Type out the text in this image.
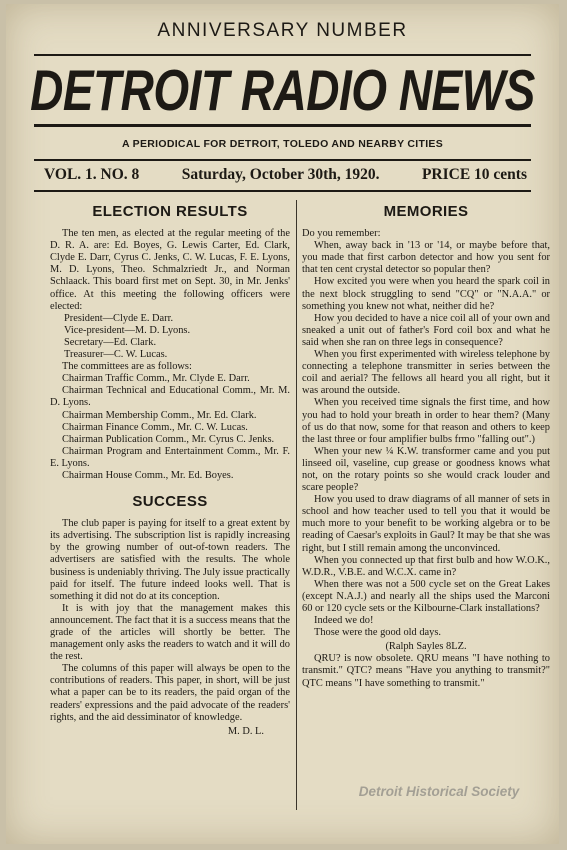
ANNIVERSARY NUMBER
DETROIT RADIO NEWS
A PERIODICAL FOR DETROIT, TOLEDO AND NEARBY CITIES
VOL. 1. NO. 8	Saturday, October 30th, 1920.	PRICE 10 cents
ELECTION RESULTS

The ten men, as elected at the regular meeting of the D. R. A. are: Ed. Boyes, G. Lewis Carter, Ed. Clark, Clyde E. Darr, Cyrus C. Jenks, C. W. Lucas, F. E. Lyons, M. D. Lyons, Theo. Schmalzriedt Jr., and Norman Schlaack. This board first met on Sept. 30, in Mr. Jenks' office. At this meeting the following officers were elected:

President—Clyde E. Darr.

Vice-president—M. D. Lyons.

Secretary—Ed. Clark.

Treasurer—C. W. Lucas.

The committees are as follows:

Chairman Traffic Comm., Mr. Clyde E. Darr.

Chairman Technical and Educational Comm., Mr. M. D. Lyons.

Chairman Membership Comm., Mr. Ed. Clark.

Chairman Finance Comm., Mr. C. W. Lucas.

Chairman Publication Comm., Mr. Cyrus C. Jenks.

Chairman Program and Entertainment Comm., Mr. F. E. Lyons.

Chairman House Comm., Mr. Ed. Boyes.

SUCCESS

The club paper is paying for itself to a great extent by its advertising. The subscription list is rapidly increasing by the growing number of out-of-town readers. The advertisers are satisfied with the results. The whole business is undeniably thriving. The July issue practically paid for itself. The future indeed looks well. That is something it did not do at its conception.

It is with joy that the management makes this announcement. The fact that it is a success means that the grade of the articles will shortly be better. The management only asks the readers to watch and it will do the rest.

The columns of this paper will always be open to the contributions of readers. This paper, in short, will be just what a paper can be to its readers, the paid organ of the readers' expressions and the paid advocate of the readers' rights, and the aid dessiminator of knowledge.

M. D. L.

MEMORIES

Do you remember:

When, away back in '13 or '14, or maybe before that, you made that first carbon detector and how you sent for that ten cent crystal detector so popular then?

How excited you were when you heard the spark coil in the next block struggling to send "CQ" or "N.A.A." or something you knew not what, neither did he?

How you decided to have a nice coil all of your own and sneaked a unit out of father's Ford coil box and what he said when she ran on three legs in consequence?

When you first experimented with wireless telephone by connecting a telephone transmitter in series between the coil and aerial? The fellows all heard you all right, but it was around the outside.

When you received time signals the first time, and how you had to hold your breath in order to hear them? (Many of us do that now, some for that reason and others to keep the last three or four amplifier bulbs frmo "falling out".)

When your new ¼ K.W. transformer came and you put linseed oil, vaseline, cup grease or goodness knows what not, on the rotary points so she would crack louder and scare people?

How you used to draw diagrams of all manner of sets in school and how teacher used to tell you that it would be much more to your benefit to be working algebra or to be reading of Caesar's exploits in Gaul? It may be that she was right, but I still remain among the unconvinced.

When you connected up that first bulb and how W.O.K., W.D.R., V.B.E. and W.C.X. came in?

When there was not a 500 cycle set on the Great Lakes (except N.A.J.) and nearly all the ships used the Marconi 60 or 120 cycle sets or the Kilbourne-Clark installations?

Indeed we do!

Those were the good old days.

(Ralph Sayles 8LZ.

QRU? is now obsolete. QRU means "I have nothing to transmit." QTC? means "Have you anything to transmit?" QTC means "I have something to transmit."

Detroit Historical Society
